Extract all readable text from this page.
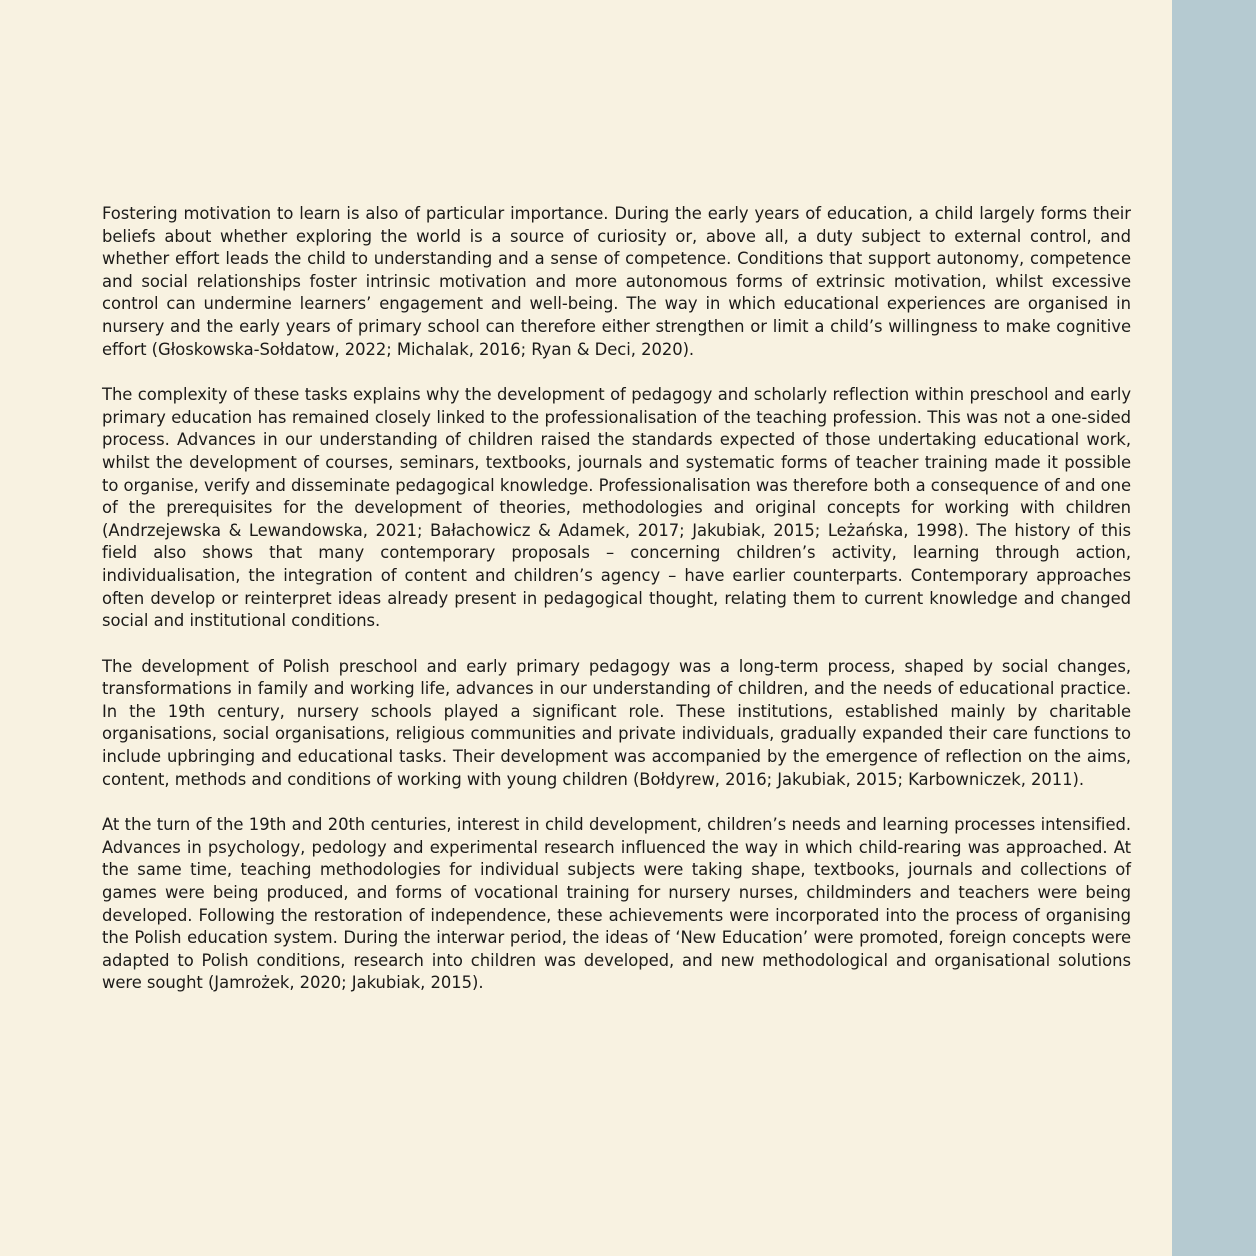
Fostering motivation to learn is also of particular importance. During the early years of education, a child largely forms their beliefs about whether exploring the world is a source of curiosity or, above all, a duty subject to external control, and whether effort leads the child to understanding and a sense of competence. Conditions that support autonomy, competence and social relationships foster intrinsic motivation and more autonomous forms of extrinsic motivation, whilst excessive control can undermine learners’ engagement and well-being. The way in which educational experiences are organised in nursery and the early years of primary school can therefore either strengthen or limit a child’s willingness to make cognitive effort (Głoskowska-Sołdatow, 2022; Michalak, 2016; Ryan & Deci, 2020).

The complexity of these tasks explains why the development of pedagogy and scholarly reflection within preschool and early primary education has remained closely linked to the professionalisation of the teaching profession. This was not a one-sided process. Advances in our understanding of children raised the standards expected of those undertaking educational work, whilst the development of courses, seminars, textbooks, journals and systematic forms of teacher training made it possible to organise, verify and disseminate pedagogical knowledge. Professionalisation was therefore both a consequence of and one of the prerequisites for the development of theories, methodologies and original concepts for working with children (Andrzejewska & Lewandowska, 2021; Bałachowicz & Adamek, 2017; Jakubiak, 2015; Leżańska, 1998). The history of this field also shows that many contemporary proposals – concerning children’s activity, learning through action, individualisation, the integration of content and children’s agency – have earlier counterparts. Contemporary approaches often develop or reinterpret ideas already present in pedagogical thought, relating them to current knowledge and changed social and institutional conditions.

The development of Polish preschool and early primary pedagogy was a long-term process, shaped by social changes, transformations in family and working life, advances in our understanding of children, and the needs of educational practice. In the 19th century, nursery schools played a significant role. These institutions, established mainly by charitable organisations, social organisations, religious communities and private individuals, gradually expanded their care functions to include upbringing and educational tasks. Their development was accompanied by the emergence of reflection on the aims, content, methods and conditions of working with young children (Bołdyrew, 2016; Jakubiak, 2015; Karbowniczek, 2011).

At the turn of the 19th and 20th centuries, interest in child development, children’s needs and learning processes intensified. Advances in psychology, pedology and experimental research influenced the way in which child-rearing was approached. At the same time, teaching methodologies for individual subjects were taking shape, textbooks, journals and collections of games were being produced, and forms of vocational training for nursery nurses, childminders and teachers were being developed. Following the restoration of independence, these achievements were incorporated into the process of organising the Polish education system. During the interwar period, the ideas of ‘New Education’ were promoted, foreign concepts were adapted to Polish conditions, research into children was developed, and new methodological and organisational solutions were sought (Jamrożek, 2020; Jakubiak, 2015).
